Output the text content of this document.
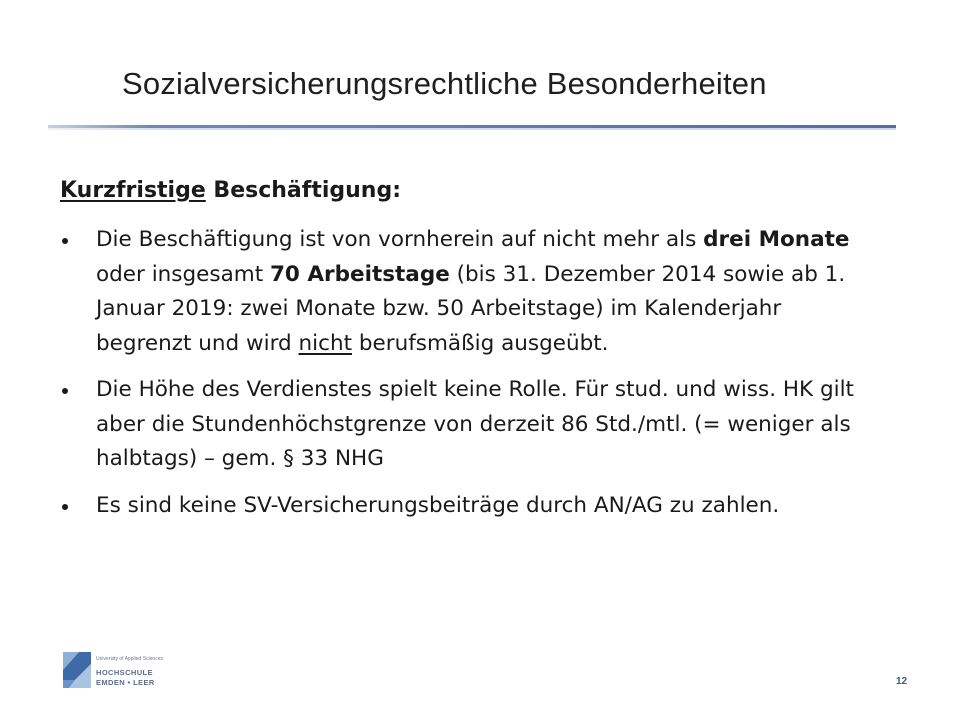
Sozialversicherungsrechtliche Besonderheiten
Kurzfristige Beschäftigung:
Die Beschäftigung ist von vornherein auf nicht mehr als drei Monate oder insgesamt 70 Arbeitstage (bis 31. Dezember 2014 sowie ab 1. Januar 2019: zwei Monate bzw. 50 Arbeitstage) im Kalenderjahr begrenzt und wird nicht berufsmäßig ausgeübt.
Die Höhe des Verdienstes spielt keine Rolle. Für stud. und wiss. HK gilt aber die Stundenhöchstgrenze von derzeit 86 Std./mtl. (= weniger als halbtags) – gem. § 33 NHG
Es sind keine SV-Versicherungsbeiträge durch AN/AG zu zahlen.
University of Applied Sciences
HOCHSCHULE
EMDEN • LEER	12
